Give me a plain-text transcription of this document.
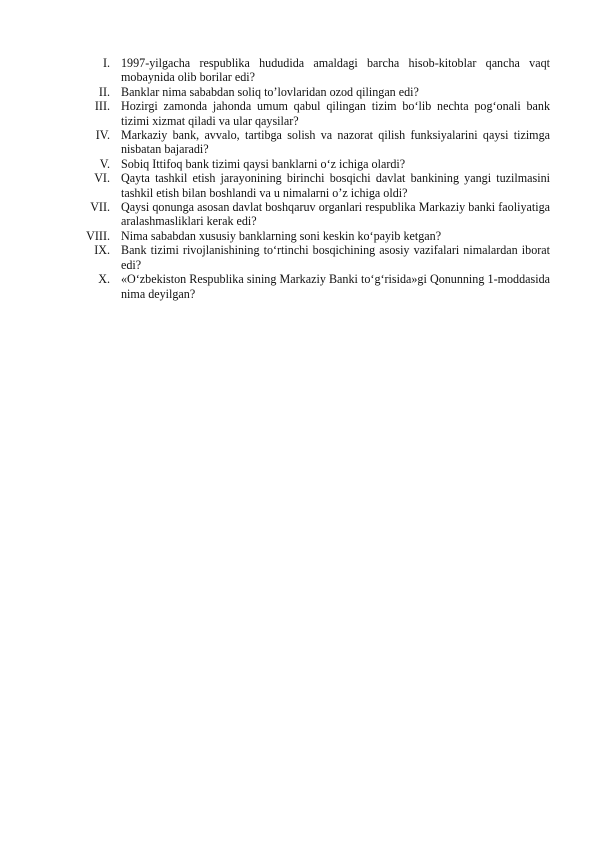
I. 1997-yilgacha respublika hududida amaldagi barcha hisob-kitoblar qancha vaqt mobaynida olib borilar edi?
II. Banklar nima sababdan soliq to’lovlaridan ozod qilingan edi?
III. Hozirgi zamonda jahonda umum qabul qilingan tizim bo‘lib nechta pog‘onali bank tizimi xizmat qiladi va ular qaysilar?
IV. Markaziy bank, avvalo, tartibga solish va nazorat qilish funksiyalarini qaysi tizimga nisbatan bajaradi?
V. Sobiq Ittifoq bank tizimi qaysi banklarni o‘z ichiga olardi?
VI. Qayta tashkil etish jarayonining birinchi bosqichi davlat bankining yangi tuzilmasini tashkil etish bilan boshlandi va u nimalarni o’z ichiga oldi?
VII. Qaysi qonunga asosan davlat boshqaruv organlari respublika Markaziy banki faoliyatiga aralashmasliklari kerak edi?
VIII. Nima sababdan xususiy banklarning soni keskin ko‘payib ketgan?
IX. Bank tizimi rivojlanishining to‘rtinchi bosqichining asosiy vazifalari nimalardan iborat edi?
X. «O‘zbekiston Respublika sining Markaziy Banki to‘g‘risida»gi Qonunning 1-moddasida nima deyilgan?
